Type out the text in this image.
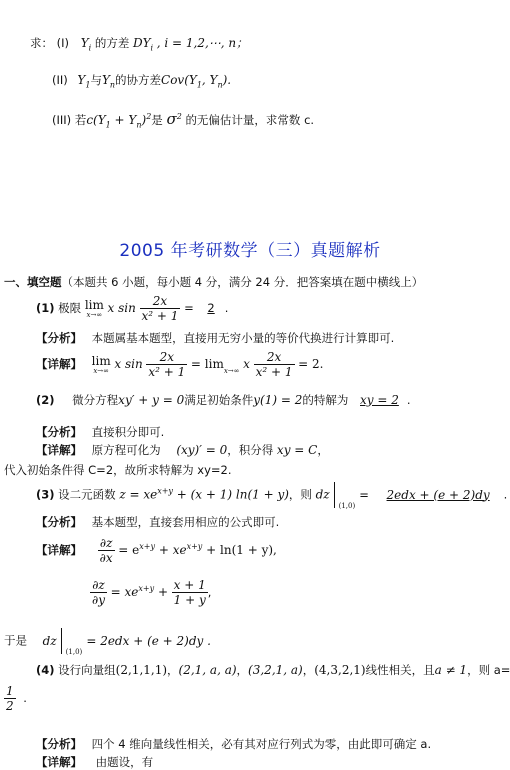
求： (I) $Y_i$ 的方差 $DY_i$ , i = 1,2,⋯, n；
(II) $Y_1$与$Y_n$的协方差$Cov(Y_1$, $Y_n$).
(III) 若$c(Y_1 + Y_n)^2$是 $\sigma^2$ 的无偏估计量，求常数 c.
2005 年考研数学（三）真题解析
一、填空题（本题共 6 小题，每小题 4 分，满分 24 分．把答案填在题中横线上）
(1) 极限 lim
x→∞ x $\sin \frac{2x}{\text{x² + 1}} = 2$ .
【分析】 本题属基本题型，直接用无穷小量的等价代换进行计算即可.
【详解】 lim
x→∞ x $\sin \frac{2x}{\text{x² + 1}} = \lim x\to\infty$ x $\frac{2x}{\text{x² + 1}} = 2$.
(2) 微分方程xy′ + y = 0满足初始条件y(1) = 2的特解为 xy = 2 .
【分析】 直接积分即可.
【详解】 原方程可化为 (xy)′ = 0，积分得 xy = C，
代入初始条件得 C=2，故所求特解为 xy=2.
(3) 设二元函数 $z = xe^{x+y} + (x + 1) \ln(1 + y)$，则 dz
(1,0)
= 2edx + (e + 2)dy .
【分析】 基本题型，直接套用相应的公式即可.
【详解】 $\frac{\partial z}{\partial x} = e^{x+y} + xe^{x+y} + \ln(1 + y)$,
$\frac{\partial z}{\partial y} = xe^{x+y} + \frac{x + 1}{1 + y}$ ,
于是 dz
(1,0)
= 2edx + (e + 2)dy .
(4) 设行向量组(2,1,1,1)，(2,1, a, a)，(3,2,1, a)，(4,3,2,1)线性相关，且a ≠ 1，则 a=
$\frac{1}{2}$ .
【分析】 四个 4 维向量线性相关，必有其对应行列式为零，由此即可确定 a.
【详解】 由题设，有
